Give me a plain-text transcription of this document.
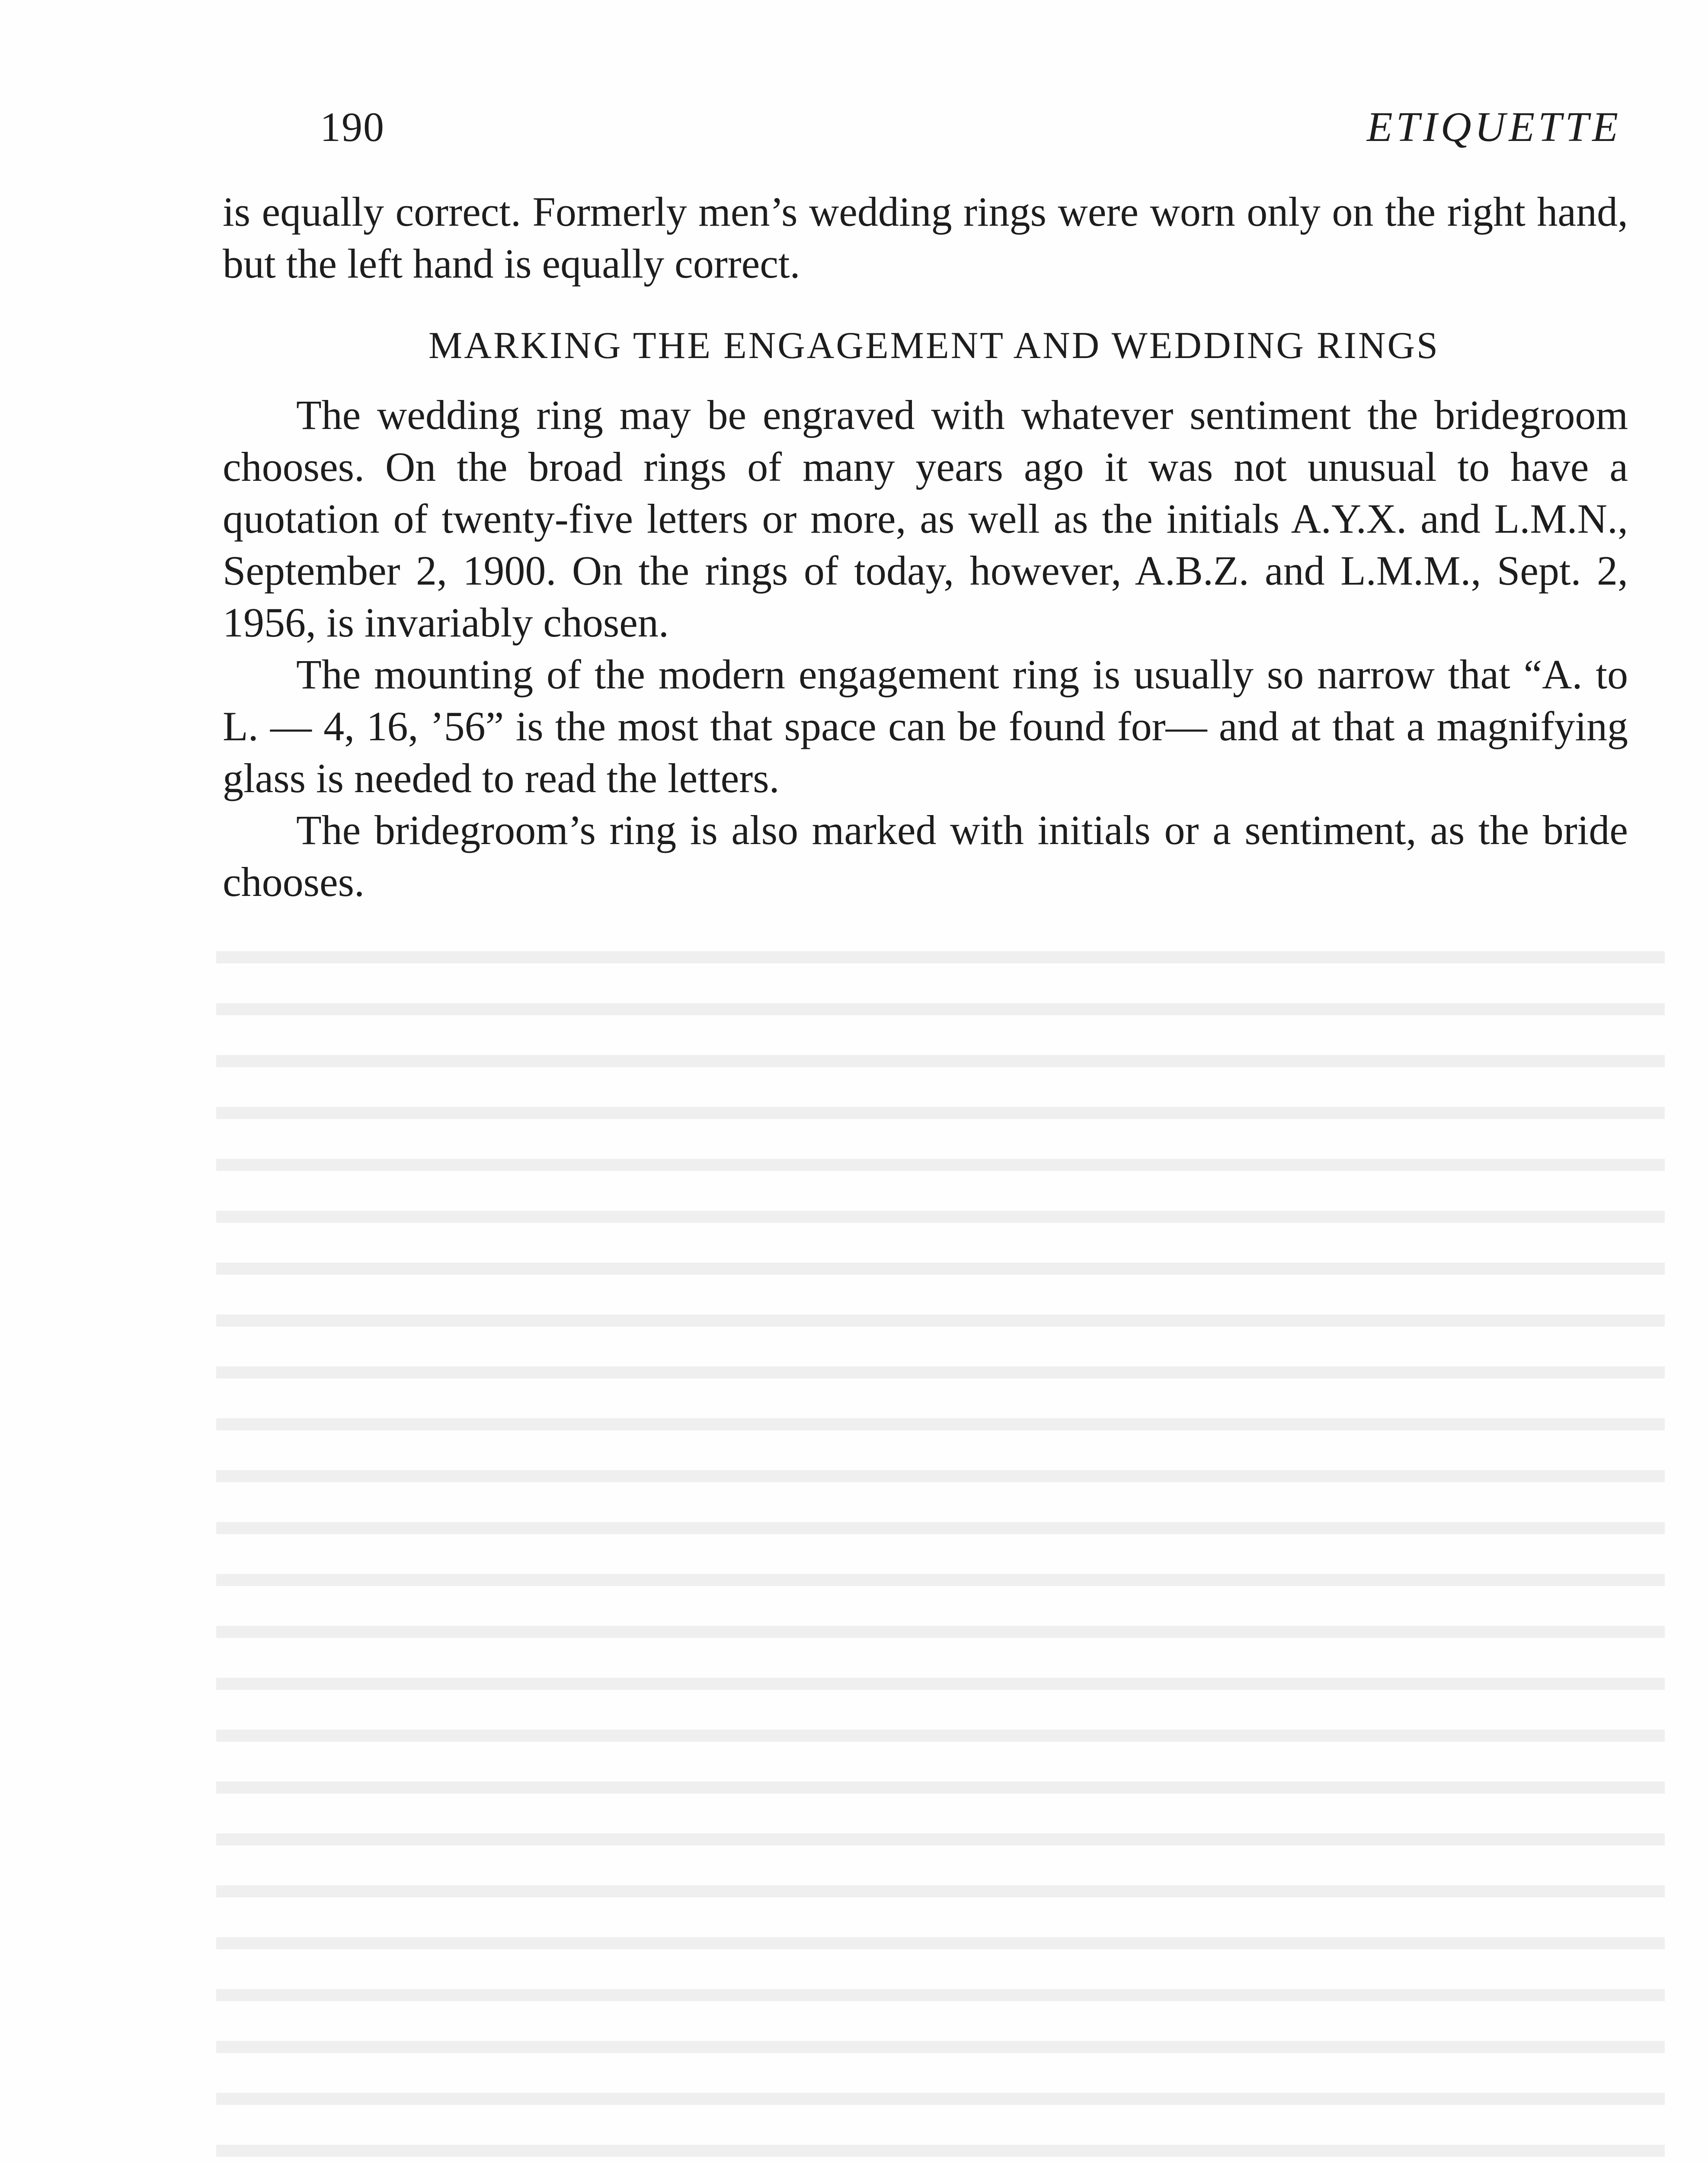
190	ETIQUETTE

is equally correct. Formerly men’s wedding rings were worn only on the right hand, but the left hand is equally correct.

MARKING THE ENGAGEMENT AND WEDDING RINGS

The wedding ring may be engraved with whatever sentiment the bridegroom chooses. On the broad rings of many years ago it was not unusual to have a quotation of twenty-five letters or more, as well as the initials A.Y.X. and L.M.N., September 2, 1900. On the rings of today, however, A.B.Z. and L.M.M., Sept. 2, 1956, is invariably chosen.

The mounting of the modern engagement ring is usually so narrow that “A. to L. — 4, 16, ’56” is the most that space can be found for— and at that a magnifying glass is needed to read the letters.

The bridegroom’s ring is also marked with initials or a sentiment, as the bride chooses.
